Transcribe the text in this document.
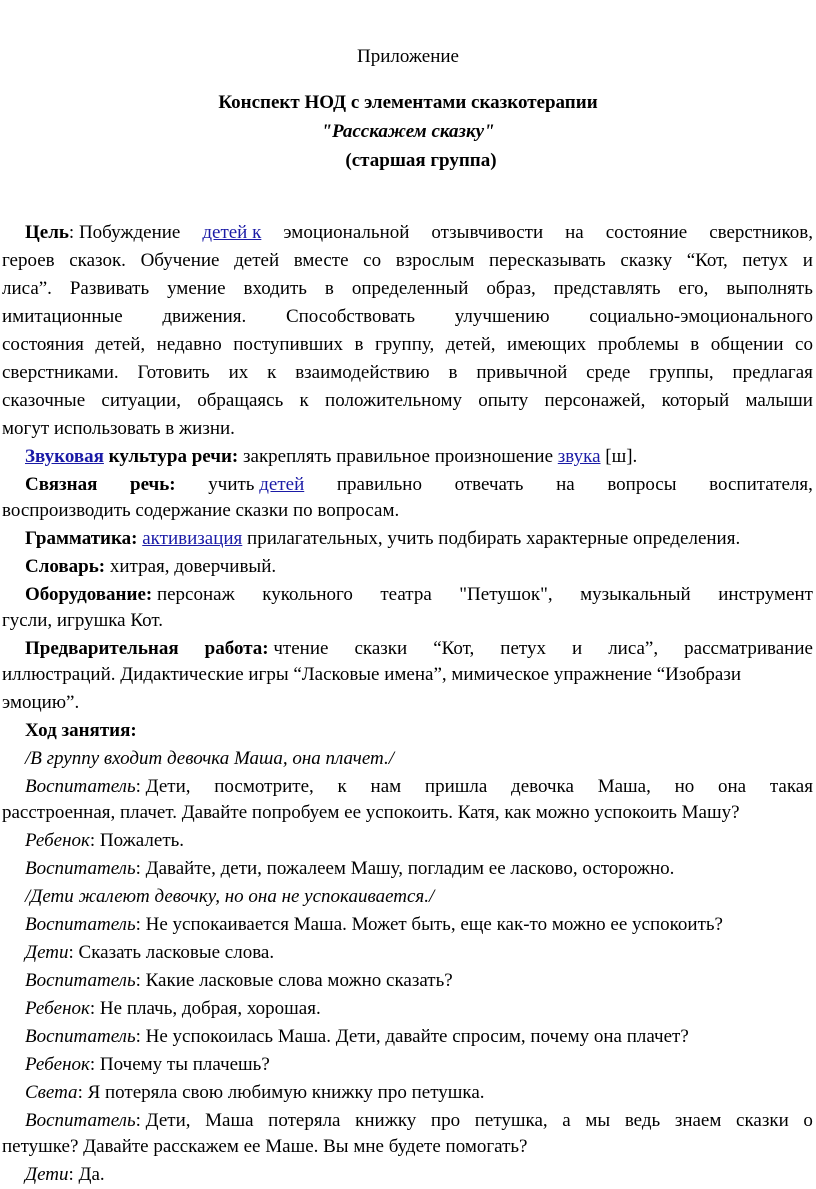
Приложение
Конспект НОД с элементами сказкотерапии
"Расскажем сказку"
(старшая группа)
Цель: Побуждение детей к эмоциональной отзывчивости на состояние сверстников,
героев сказок. Обучение детей вместе со взрослым пересказывать сказку “Кот, петух и
лиса”. Развивать умение входить в определенный образ, представлять его, выполнять
имитационные движения. Способствовать улучшению социально-эмоционального
состояния детей, недавно поступивших в группу, детей, имеющих проблемы в общении со
сверстниками. Готовить их к взаимодействию в привычной среде группы, предлагая
сказочные ситуации, обращаясь к положительному опыту персонажей, который малыши
могут использовать в жизни.
Звуковая культура речи: закреплять правильное произношение звука [ш].
Связная речь: учить детей правильно отвечать на вопросы воспитателя,
воспроизводить содержание сказки по вопросам.
Грамматика: активизация прилагательных, учить подбирать характерные определения.
Словарь: хитрая, доверчивый.
Оборудование: персонаж кукольного театра "Петушок", музыкальный инструмент
гусли, игрушка Кот.
Предварительная работа: чтение сказки “Кот, петух и лиса”, рассматривание
иллюстраций. Дидактические игры “Ласковые имена”, мимическое упражнение “Изобрази
эмоцию”.
Ход занятия:
/В группу входит девочка Маша, она плачет./
Воспитатель: Дети, посмотрите, к нам пришла девочка Маша, но она такая
расстроенная, плачет. Давайте попробуем ее успокоить. Катя, как можно успокоить Машу?
Ребенок: Пожалеть.
Воспитатель: Давайте, дети, пожалеем Машу, погладим ее ласково, осторожно.
/Дети жалеют девочку, но она не успокаивается./
Воспитатель: Не успокаивается Маша. Может быть, еще как-то можно ее успокоить?
Дети: Сказать ласковые слова.
Воспитатель: Какие ласковые слова можно сказать?
Ребенок: Не плачь, добрая, хорошая.
Воспитатель: Не успокоилась Маша. Дети, давайте спросим, почему она плачет?
Ребенок: Почему ты плачешь?
Света: Я потеряла свою любимую книжку про петушка.
Воспитатель: Дети, Маша потеряла книжку про петушка, а мы ведь знаем сказки о
петушке? Давайте расскажем ее Маше. Вы мне будете помогать?
Дети: Да.
